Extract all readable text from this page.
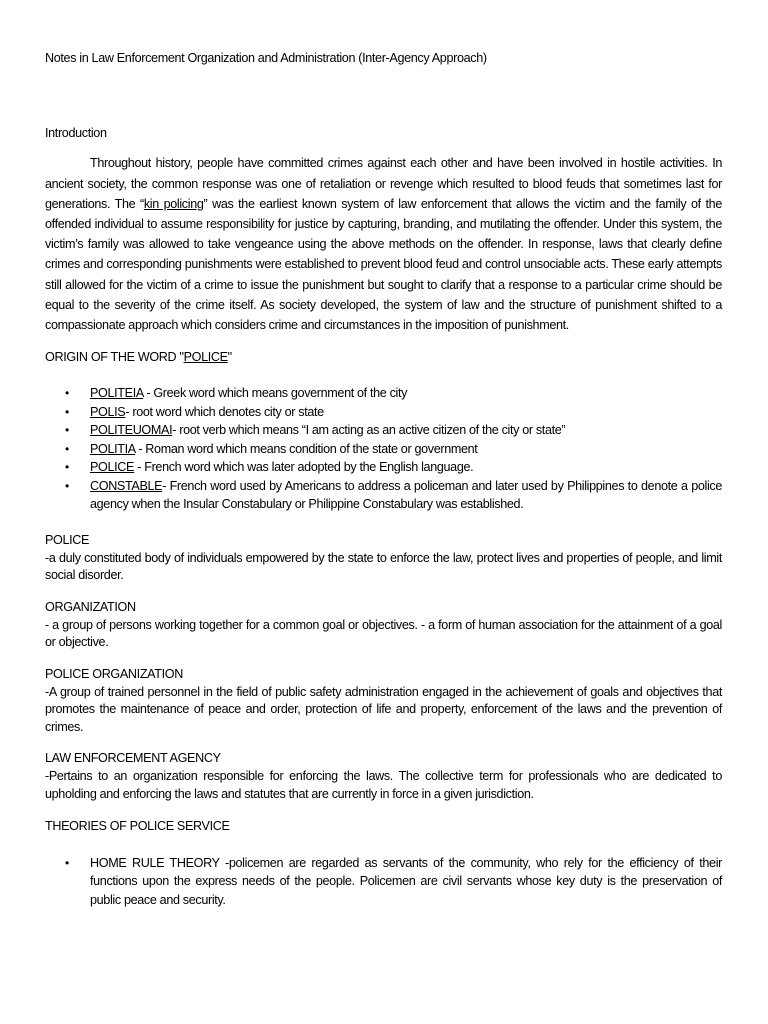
Notes in Law Enforcement Organization and Administration (Inter-Agency Approach)
Introduction

Throughout history, people have committed crimes against each other and have been involved in hostile activities. In ancient society, the common response was one of retaliation or revenge which resulted to blood feuds that sometimes last for generations. The “kin policing” was the earliest known system of law enforcement that allows the victim and the family of the offended individual to assume responsibility for justice by capturing, branding, and mutilating the offender. Under this system, the victim’s family was allowed to take vengeance using the above methods on the offender. In response, laws that clearly define crimes and corresponding punishments were established to prevent blood feud and control unsociable acts. These early attempts still allowed for the victim of a crime to issue the punishment but sought to clarify that a response to a particular crime should be equal to the severity of the crime itself. As society developed, the system of law and the structure of punishment shifted to a compassionate approach which considers crime and circumstances in the imposition of punishment.

ORIGIN OF THE WORD "POLICE"
• POLITEIA - Greek word which means government of the city
• POLIS- root word which denotes city or state
• POLITEUOMAI- root verb which means “I am acting as an active citizen of the city or state”
• POLITIA - Roman word which means condition of the state or government
• POLICE - French word which was later adopted by the English language.
• CONSTABLE- French word used by Americans to address a policeman and later used by Philippines to denote a police agency when the Insular Constabulary or Philippine Constabulary was established.
POLICE

-a duly constituted body of individuals empowered by the state to enforce the law, protect lives and properties of people, and limit social disorder.

ORGANIZATION

- a group of persons working together for a common goal or objectives. - a form of human association for the attainment of a goal or objective.

POLICE ORGANIZATION

-A group of trained personnel in the field of public safety administration engaged in the achievement of goals and objectives that promotes the maintenance of peace and order, protection of life and property, enforcement of the laws and the prevention of crimes.

LAW ENFORCEMENT AGENCY

-Pertains to an organization responsible for enforcing the laws. The collective term for professionals who are dedicated to upholding and enforcing the laws and statutes that are currently in force in a given jurisdiction.

THEORIES OF POLICE SERVICE
• HOME RULE THEORY -policemen are regarded as servants of the community, who rely for the efficiency of their functions upon the express needs of the people. Policemen are civil servants whose key duty is the preservation of public peace and security.
